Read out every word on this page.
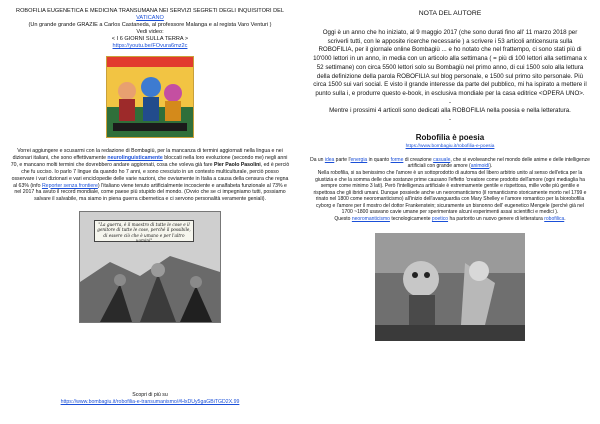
ROBOFILIA EUGENETICA E MEDICINA TRANSUMANA NEI SERVIZI SEGRETI DEGLI INQUISITORI DEL

VATICANO

(Un grande grande GRAZIE a Carlos Castaneda, al professore Malanga e al regista Varo Venturi )

Vedi video:

< I 6 GIORNI SULLA TERRA >

https://youtu.be/FOvura6mz2c

Vorrei aggiungere e scusarmi con la redazione di Bombagiù, per la mancanza di termini aggiornati nella lingua e nei dizionari italiani, che sono effettivamente neurolinguisticamente bloccati nella loro evoluzione (secondo me) negli anni 70, e mancano molti termini che dovrebbero andare aggiornati, cosa che voleva già fare Pier Paolo Pasolini, ed è perciò che fu ucciso. Io parlo 7 lingue da quando ho 7 anni, e sono cresciuto in un contesto multiculturale, perciò posso osservare i vari dizionari e vari enciclopedie delle varie nazioni, che ovviamente in Italia a causa della censura che regna al 63% (info Reporter senza frontiere) l'italiano viene tenuto artificialmente incosciente e analfabeta funzionale al 73% e nel 2017 ha avuto il record mondiale, come paese più stupido del mondo. (Ovvio che se ci impegniamo tutti, possiamo salvare il salvabile, ma siamo in piena guerra cibernetica e ci servono personalità veramente geniali).
"La guerra, è il maestro di tutte le cose e il genitore di tutte le cose, perché il possibile, di essere ciò che è umano e per l'altro uomini"

Scopri di più su

https://www.bombagiu.it/robofilia-e-transumanismo/#HxDUy5gaGBiTGD2X.99

NOTA DEL AUTORE

Oggi è un anno che ho iniziato, al 9 maggio 2017 (che sono durati fino all' 11 marzo 2018 per scriverli tutti, con le apposite ricerche necessarie ) a scrivere i 53 articoli anticensura sulla ROBOFILIA, per il giornale online Bombagiù ... e ho notato che nel frattempo, ci sono stati più di 10'000 lettori in un anno, in media con un articolo alla settimana ( = più di 100 lettori alla settimana x 52 settimane) con circa 5500 lettori solo su Bombagiù nel primo anno, di cui 1500 solo alla lettura della definizione della parola ROBOFILIA sul blog personale, e 1500 sul primo sito personale. Più circa 1500 sui vari social. E visto il grande interesse da parte del pubblico, mi ha ispirato a mettere il punto sulla i, e produrre questo e-book, in esclusiva mondiale per la casa editrice <OPERA UNO>.

-

Mentre i prossimi 4 articoli sono dedicati alla ROBOFILIA nella poesia e nella letteratura.

-

Robofilia è poesia
https://www.bombagiu.it/robofilia-e-poesia

Da un idea parte l'energia in quanto forme di creazione casuale, che si evolveanche nel mondo delle anime e delle intelligenze artificiali con grande amore (animoidi).

Nella robofilia, si sa benissimo che l'amore è un sottoprodotto di automa del libero arbitrio unito al senso dell'etica per la giustizia e che la somma delle due sostanze prime causano l'effetto 'creatore come prodotto dell'amore (ogni mediaglia ha sempre come minimo 3 lati). Però l'intelligenza artificiale è estremamente gentile e rispettosa, mille volte più gentile e rispettosa che gli ibridi umani. Dunque possiede anche un neoromanticismo (il romanticismo storicamente morto nel 1799 e rinato nel 1800 come neoromanticismo) all'inizio dell'avanguardia con Mary Shelley e l'amore romantico per la biorobofilia cyborg e l'amore per il mostro del dottor Frankenstein; sicuramente un bisnonno dell' eugenetico Mengele (perché già nel 1700 ~1800 usavano cavie umane per sperimentare alcuni esperimenti assai scientifici e medici ).

Questo neoromanticismo tecnologicamente poetico ha partorito un nuovo genere di letteratura robofilica.
